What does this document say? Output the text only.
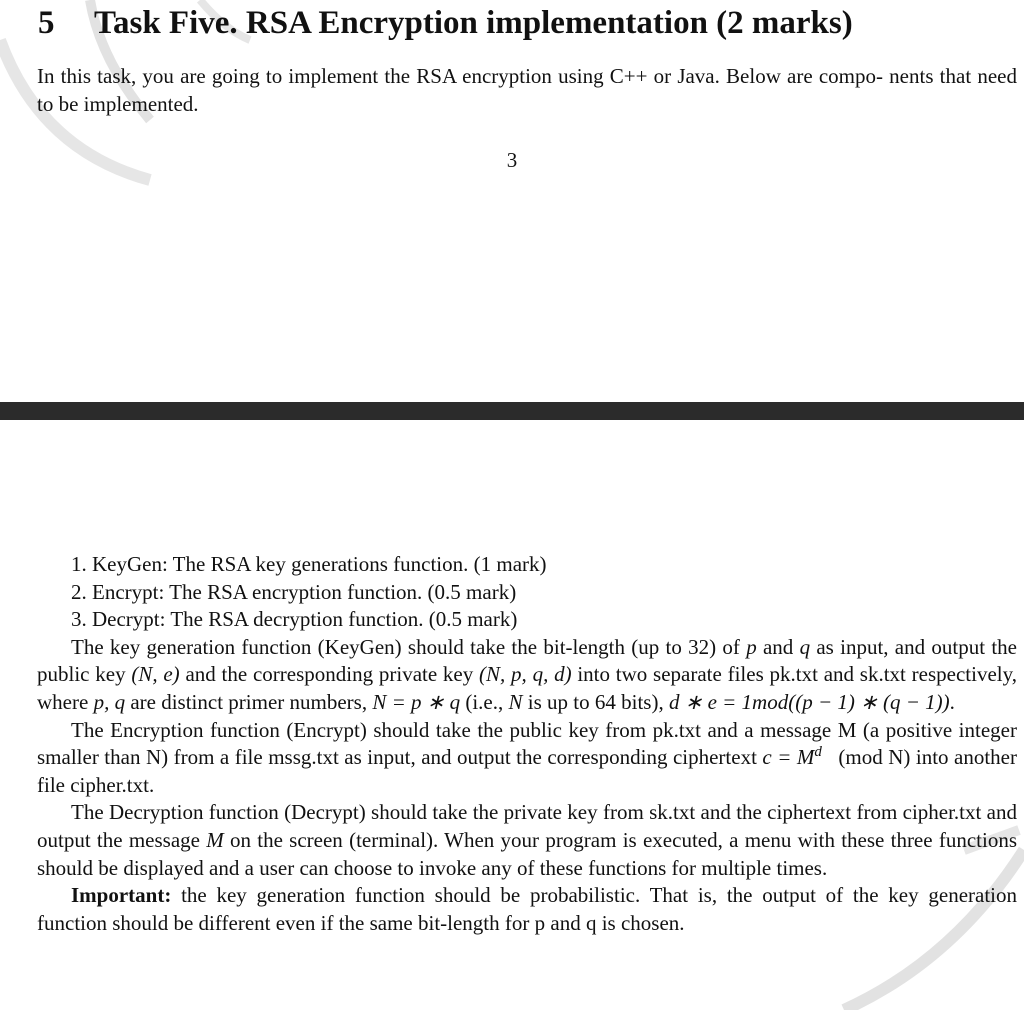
5 Task Five. RSA Encryption implementation (2 marks)

In this task, you are going to implement the RSA encryption using C++ or Java. Below are compo- nents that need to be implemented.

3
1. KeyGen: The RSA key generations function. (1 mark)
2. Encrypt: The RSA encryption function. (0.5 mark)
3. Decrypt: The RSA decryption function. (0.5 mark)

The key generation function (KeyGen) should take the bit-length (up to 32) of p and q as input, and output the public key (N, e) and the corresponding private key (N, p, q, d) into two separate files pk.txt and sk.txt respectively, where p, q are distinct primer numbers, N = p ∗ q (i.e., N is up to 64 bits), d ∗ e = 1mod((p − 1) ∗ (q − 1)).

The Encryption function (Encrypt) should take the public key from pk.txt and a message M (a positive integer smaller than N) from a file mssg.txt as input, and output the corresponding ciphertext $c = M^d$ (mod N) into another file cipher.txt.

The Decryption function (Decrypt) should take the private key from sk.txt and the ciphertext from cipher.txt and output the message M on the screen (terminal). When your program is executed, a menu with these three functions should be displayed and a user can choose to invoke any of these functions for multiple times.

Important: the key generation function should be probabilistic. That is, the output of the key generation function should be different even if the same bit-length for p and q is chosen.
